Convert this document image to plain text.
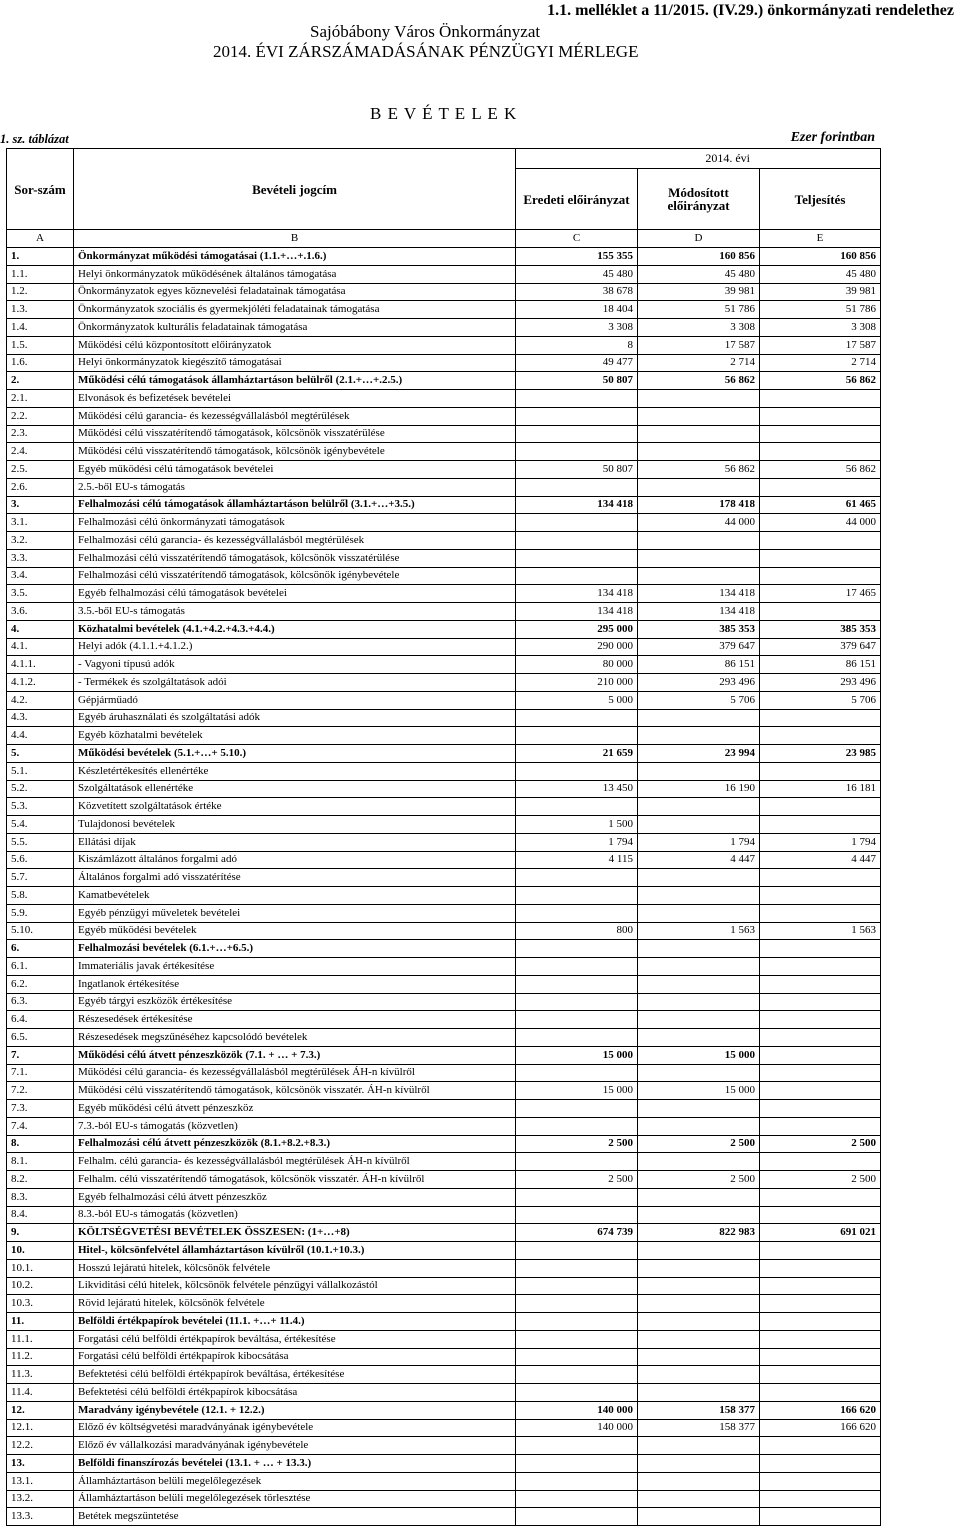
1.1. melléklet a 11/2015. (IV.29.) önkormányzati rendelethez
Sajóbábony Város Önkormányzat
2014. ÉVI ZÁRSZÁMADÁSÁNAK PÉNZÜGYI MÉRLEGE
B E V É T E L E K
1. sz. táblázat	Ezer forintban
Sor-szám	Bevételi jogcím	2014. évi		
		Eredeti előirányzat	Módosított előirányzat	Teljesítés
A	B	C	D	E
1.	Önkormányzat működési támogatásai (1.1.+…+.1.6.)	155 355	160 856	160 856
1.1.	Helyi önkormányzatok működésének általános támogatása	45 480	45 480	45 480
1.2.	Önkormányzatok egyes köznevelési feladatainak támogatása	38 678	39 981	39 981
1.3.	Önkormányzatok szociális és gyermekjóléti feladatainak támogatása	18 404	51 786	51 786
1.4.	Önkormányzatok kulturális feladatainak támogatása	3 308	3 308	3 308
1.5.	Működési célú központosított előirányzatok	8	17 587	17 587
1.6.	Helyi önkormányzatok kiegészítő támogatásai	49 477	2 714	2 714
2.	Működési célú támogatások államháztartáson belülről (2.1.+…+.2.5.)	50 807	56 862	56 862
2.1.	Elvonások és befizetések bevételei			
2.2.	Működési célú garancia- és kezességvállalásból megtérülések			
2.3.	Működési célú visszatérítendő támogatások, kölcsönök visszatérülése			
2.4.	Működési célú visszatérítendő támogatások, kölcsönök igénybevétele			
2.5.	Egyéb működési célú támogatások bevételei	50 807	56 862	56 862
2.6.	2.5.-ből EU-s támogatás			
3.	Felhalmozási célú támogatások államháztartáson belülről (3.1.+…+3.5.)	134 418	178 418	61 465
3.1.	Felhalmozási célú önkormányzati támogatások		44 000	44 000
3.2.	Felhalmozási célú garancia- és kezességvállalásból megtérülések			
3.3.	Felhalmozási célú visszatérítendő támogatások, kölcsönök visszatérülése			
3.4.	Felhalmozási célú visszatérítendő támogatások, kölcsönök igénybevétele			
3.5.	Egyéb felhalmozási célú támogatások bevételei	134 418	134 418	17 465
3.6.	3.5.-ből EU-s támogatás	134 418	134 418	
4.	Közhatalmi bevételek (4.1.+4.2.+4.3.+4.4.)	295 000	385 353	385 353
4.1.	Helyi adók (4.1.1.+4.1.2.)	290 000	379 647	379 647
4.1.1.	- Vagyoni típusú adók	80 000	86 151	86 151
4.1.2.	- Termékek és szolgáltatások adói	210 000	293 496	293 496
4.2.	Gépjárműadó	5 000	5 706	5 706
4.3.	Egyéb áruhasználati és szolgáltatási adók			
4.4.	Egyéb közhatalmi bevételek			
5.	Működési bevételek (5.1.+…+ 5.10.)	21 659	23 994	23 985
5.1.	Készletértékesítés ellenértéke			
5.2.	Szolgáltatások ellenértéke	13 450	16 190	16 181
5.3.	Közvetített szolgáltatások értéke			
5.4.	Tulajdonosi bevételek	1 500		
5.5.	Ellátási díjak	1 794	1 794	1 794
5.6.	Kiszámlázott általános forgalmi adó	4 115	4 447	4 447
5.7.	Általános forgalmi adó visszatérítése			
5.8.	Kamatbevételek			
5.9.	Egyéb pénzügyi műveletek bevételei			
5.10.	Egyéb működési bevételek	800	1 563	1 563
6.	Felhalmozási bevételek (6.1.+…+6.5.)			
6.1.	Immateriális javak értékesítése			
6.2.	Ingatlanok értékesítése			
6.3.	Egyéb tárgyi eszközök értékesítése			
6.4.	Részesedések értékesítése			
6.5.	Részesedések megszűnéséhez kapcsolódó bevételek			
7.	Működési célú átvett pénzeszközök (7.1. + … + 7.3.)	15 000	15 000	
7.1.	Működési célú garancia- és kezességvállalásból megtérülések ÁH-n kívülről			
7.2.	Működési célú visszatérítendő támogatások, kölcsönök visszatér. ÁH-n kívülről	15 000	15 000	
7.3.	Egyéb működési célú átvett pénzeszköz			
7.4.	7.3.-ból EU-s támogatás (közvetlen)			
8.	Felhalmozási célú átvett pénzeszközök (8.1.+8.2.+8.3.)	2 500	2 500	2 500
8.1.	Felhalm. célú garancia- és kezességvállalásból megtérülések ÁH-n kívülről			
8.2.	Felhalm. célú visszatérítendő támogatások, kölcsönök visszatér. ÁH-n kívülről	2 500	2 500	2 500
8.3.	Egyéb felhalmozási célú átvett pénzeszköz			
8.4.	8.3.-ból EU-s támogatás (közvetlen)			
9.	KÖLTSÉGVETÉSI BEVÉTELEK ÖSSZESEN: (1+…+8)	674 739	822 983	691 021
10.	Hitel-, kölcsönfelvétel államháztartáson kívülről (10.1.+10.3.)			
10.1.	Hosszú lejáratú hitelek, kölcsönök felvétele			
10.2.	Likviditási célú hitelek, kölcsönök felvétele pénzügyi vállalkozástól			
10.3.	Rövid lejáratú hitelek, kölcsönök felvétele			
11.	Belföldi értékpapírok bevételei (11.1. +…+ 11.4.)			
11.1.	Forgatási célú belföldi értékpapírok beváltása, értékesítése			
11.2.	Forgatási célú belföldi értékpapírok kibocsátása			
11.3.	Befektetési célú belföldi értékpapírok beváltása, értékesítése			
11.4.	Befektetési célú belföldi értékpapírok kibocsátása			
12.	Maradvány igénybevétele (12.1. + 12.2.)	140 000	158 377	166 620
12.1.	Előző év költségvetési maradványának igénybevétele	140 000	158 377	166 620
12.2.	Előző év vállalkozási maradványának igénybevétele			
13.	Belföldi finanszírozás bevételei (13.1. + … + 13.3.)			
13.1.	Államháztartáson belüli megelőlegezések			
13.2.	Államháztartáson belüli megelőlegezések törlesztése			
13.3.	Betétek megszüntetése			
